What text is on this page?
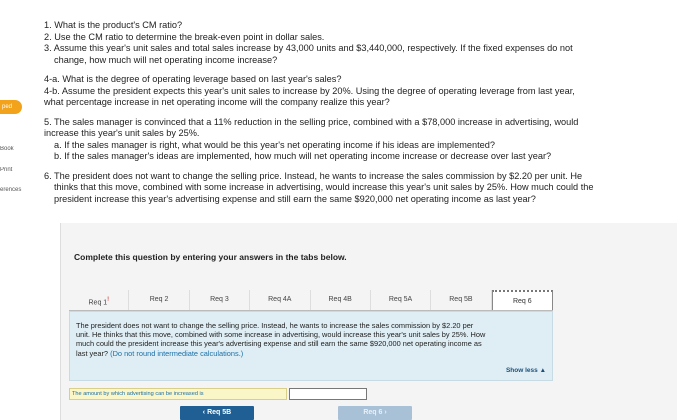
ped
Book
Print
erences

1. What is the product's CM ratio?

2. Use the CM ratio to determine the break-even point in dollar sales.

3. Assume this year's unit sales and total sales increase by 43,000 units and $3,440,000, respectively. If the fixed expenses do not

change, how much will net operating income increase?

4-a. What is the degree of operating leverage based on last year's sales?

4-b. Assume the president expects this year's unit sales to increase by 20%. Using the degree of operating leverage from last year,

what percentage increase in net operating income will the company realize this year?

5. The sales manager is convinced that a 11% reduction in the selling price, combined with a $78,000 increase in advertising, would

increase this year's unit sales by 25%.

a. If the sales manager is right, what would be this year's net operating income if his ideas are implemented?

b. If the sales manager's ideas are implemented, how much will net operating income increase or decrease over last year?

6. The president does not want to change the selling price. Instead, he wants to increase the sales commission by $2.20 per unit. He

thinks that this move, combined with some increase in advertising, would increase this year's unit sales by 25%. How much could the

president increase this year's advertising expense and still earn the same $920,000 net operating income as last year?

Complete this question by entering your answers in the tabs below.
Req 1!	Req 2	Req 3	Req 4A	Req 4B	Req 5A	Req 5B	Req 6
The president does not want to change the selling price. Instead, he wants to increase the sales commission by $2.20 per
unit. He thinks that this move, combined with some increase in advertising, would increase this year's unit sales by 25%. How
much could the president increase this year's advertising expense and still earn the same $920,000 net operating income as
last year? (Do not round intermediate calculations.)
Show less ▲
The amount by which advertising can be increased is
‹ Req 5B	Req 6 ›
